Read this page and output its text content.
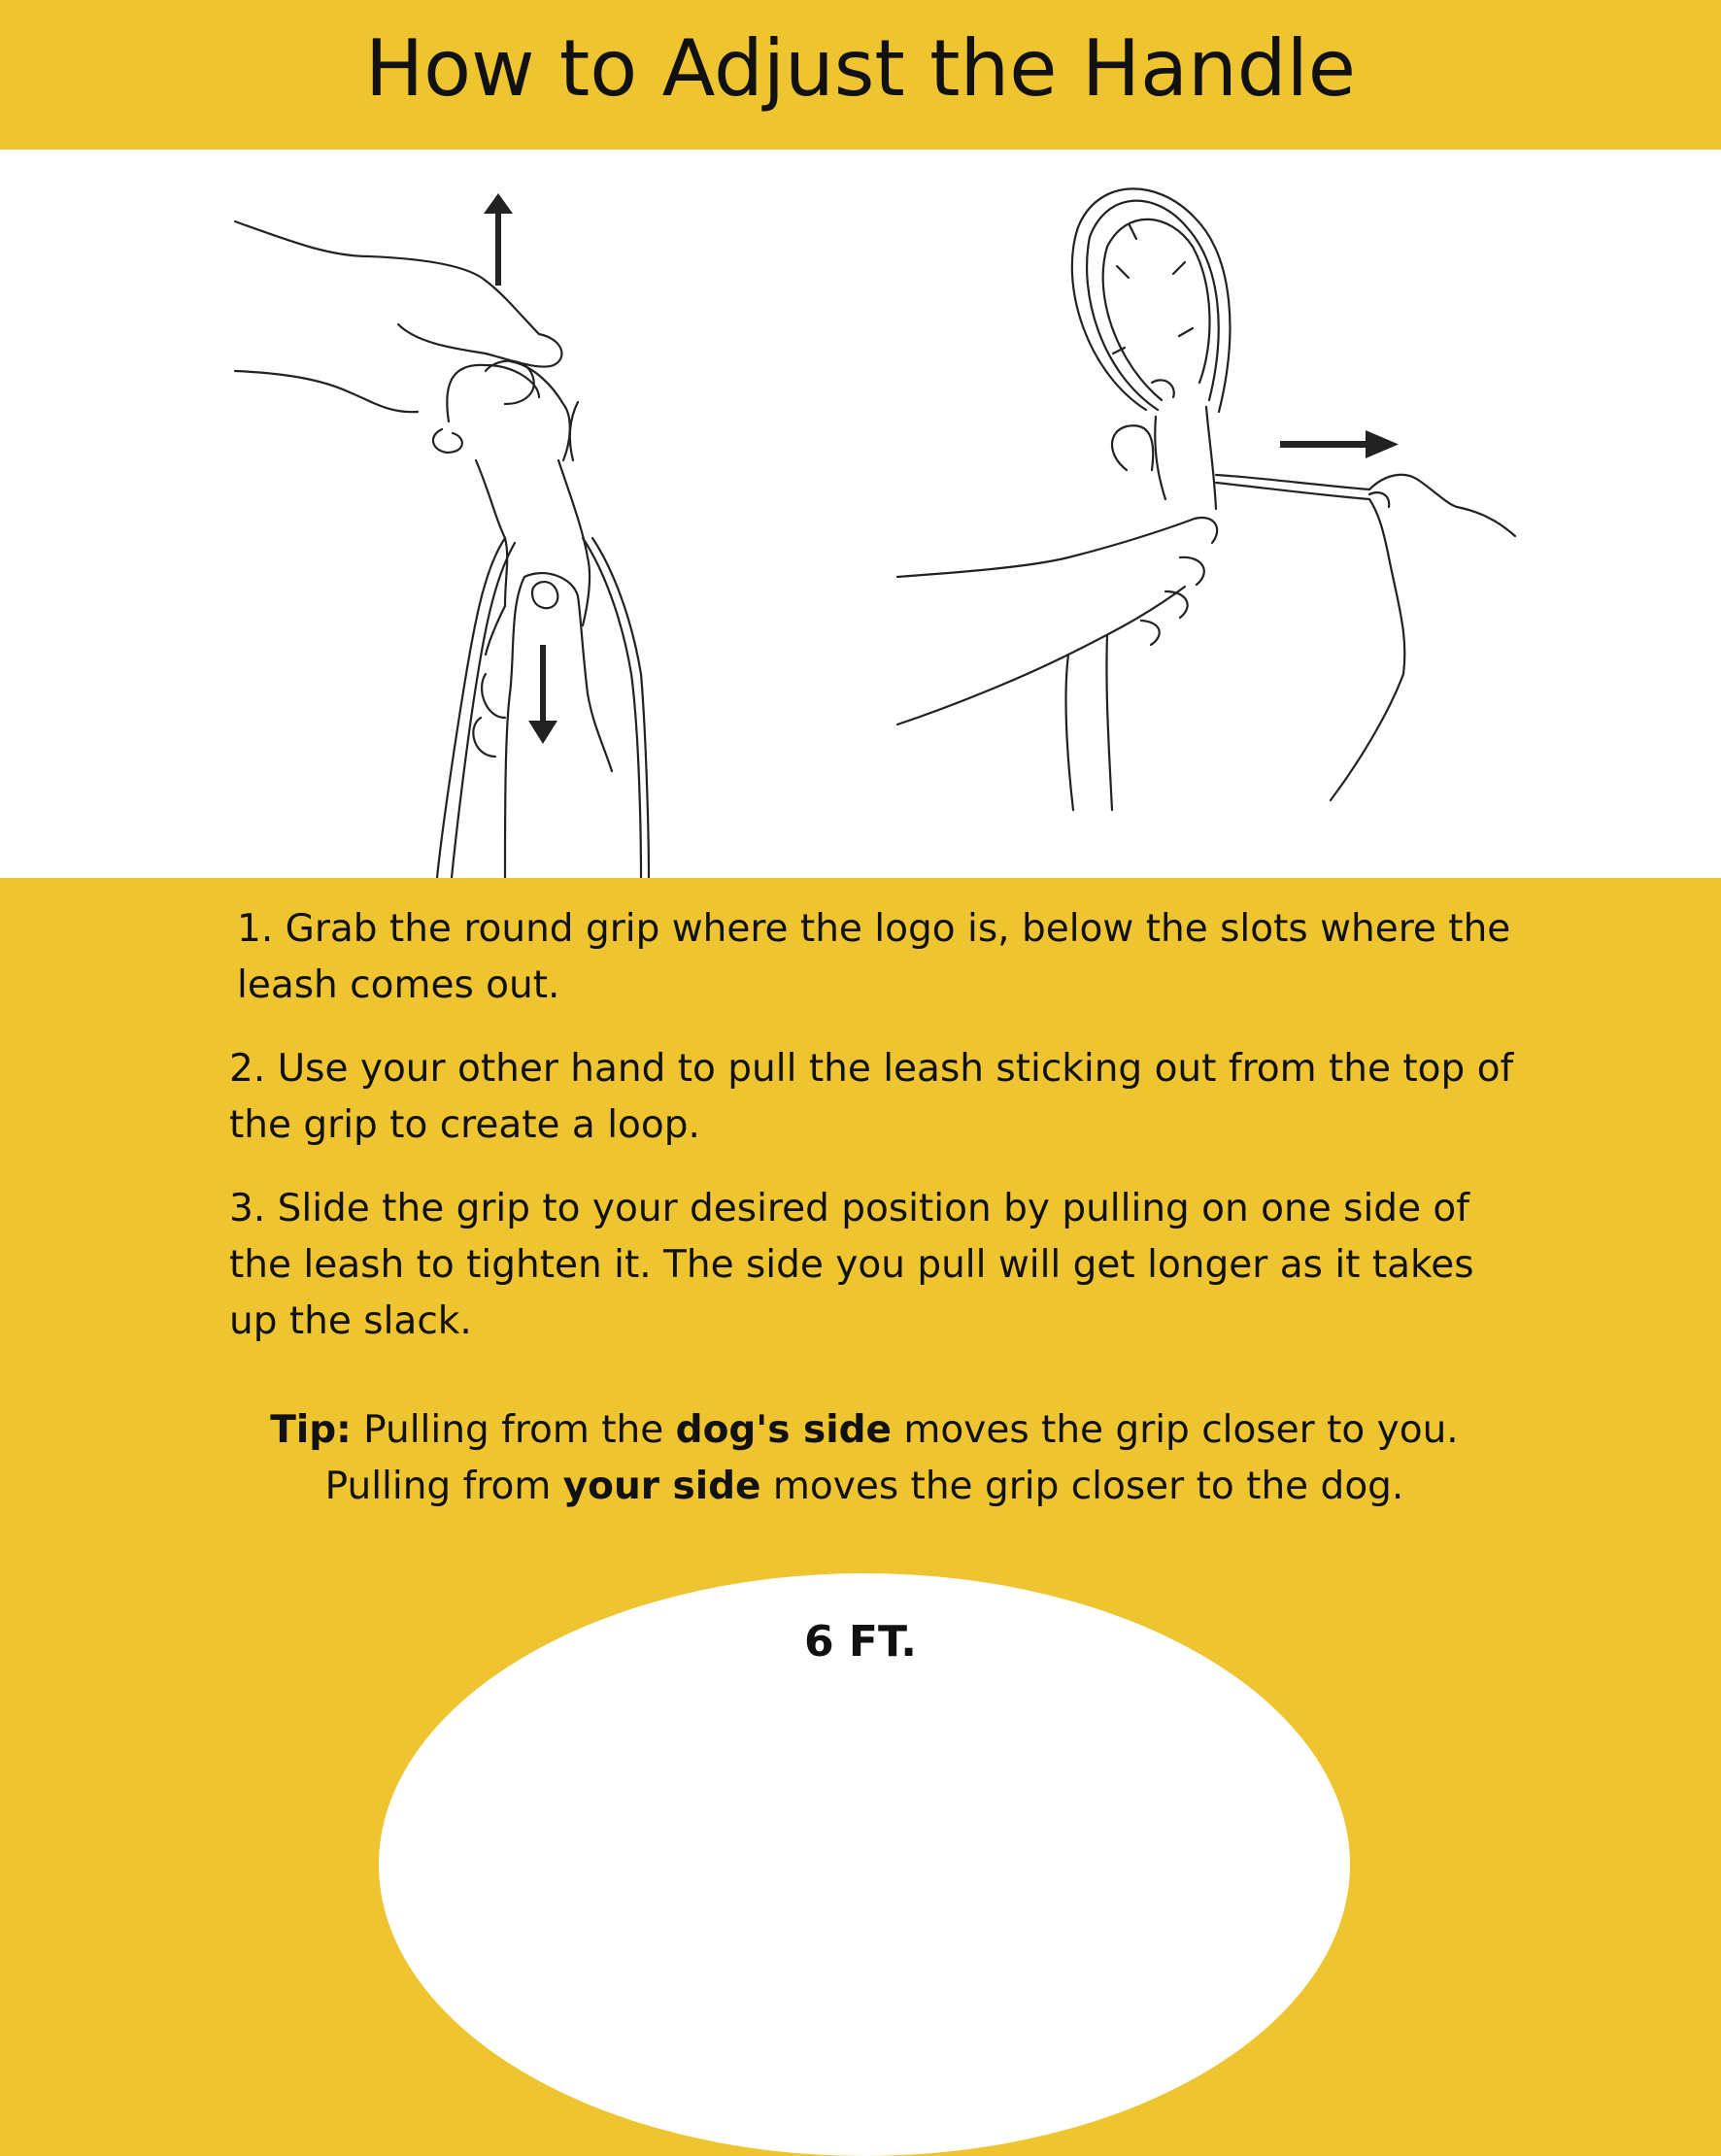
How to Adjust the Handle

1. Grab the round grip where the logo is, below the slots where the leash comes out.

2. Use your other hand to pull the leash sticking out from the top of the grip to create a loop.

3. Slide the grip to your desired position by pulling on one side of the leash to tighten it. The side you pull will get longer as it takes up the slack.

Tip: Pulling from the dog's side moves the grip closer to you.
Pulling from your side moves the grip closer to the dog.
6 FT.
